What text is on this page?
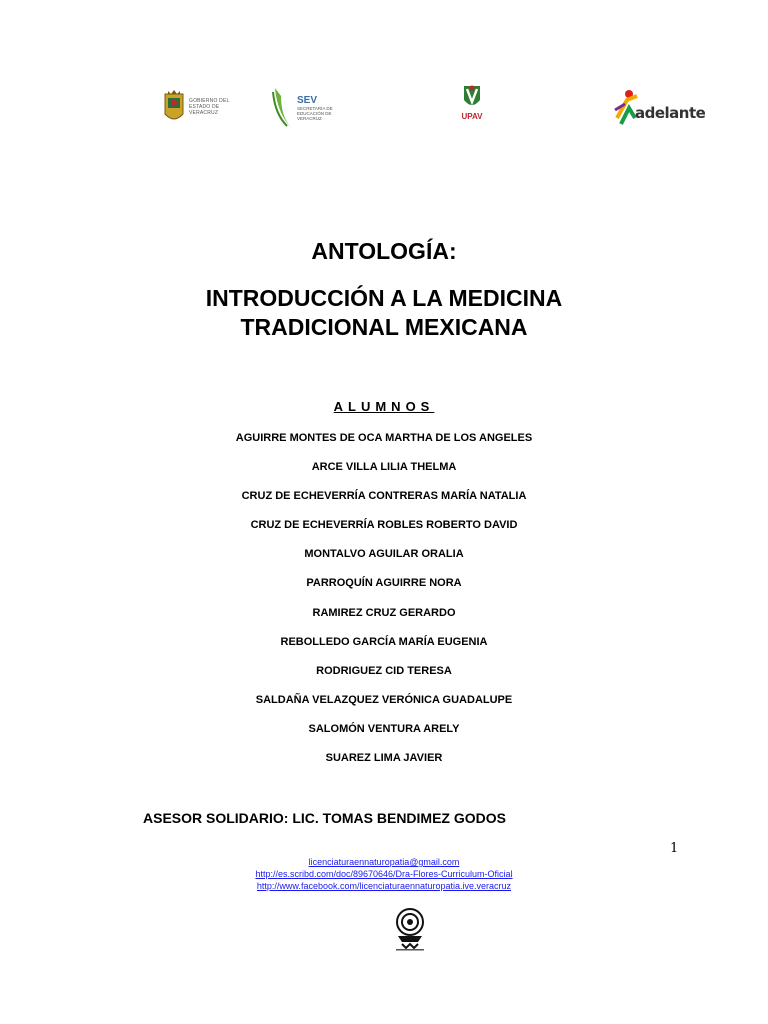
GOBIERNO DEL ESTADO DE VERACRUZ
SEV
SECRETARÍA DE EDUCACIÓN DE VERACRUZ	UPAV
	adelante
ANTOLOGÍA:
INTRODUCCIÓN A LA MEDICINA
TRADICIONAL MEXICANA
ALUMNOS
AGUIRRE MONTES DE OCA MARTHA DE LOS ANGELES
ARCE VILLA LILIA THELMA
CRUZ DE ECHEVERRÍA CONTRERAS MARÍA NATALIA
CRUZ DE ECHEVERRÍA ROBLES ROBERTO DAVID
MONTALVO AGUILAR ORALIA
PARROQUÍN AGUIRRE NORA
RAMIREZ CRUZ GERARDO
REBOLLEDO GARCÍA MARÍA EUGENIA
RODRIGUEZ CID TERESA
SALDAÑA VELAZQUEZ VERÓNICA GUADALUPE
SALOMÓN VENTURA ARELY
SUAREZ LIMA JAVIER
ASESOR SOLIDARIO: LIC. TOMAS BENDIMEZ GODOS
1
licenciaturaennaturopatia@gmail.com
http://es.scribd.com/doc/89670646/Dra-Flores-Curriculum-Oficial
http://www.facebook.com/licenciaturaennaturopatia.ive.veracruz
